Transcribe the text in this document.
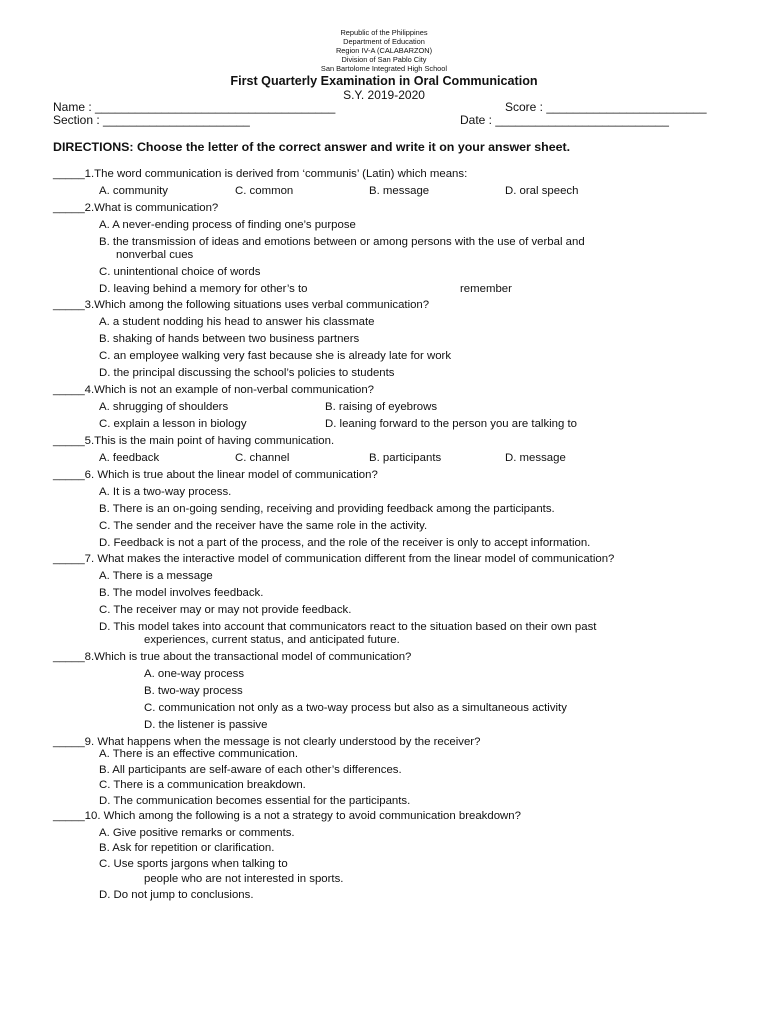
Republic of the Philippines
Department of Education
Region IV-A (CALABARZON)
Division of San Pablo City
San Bartolome Integrated High School
First Quarterly Examination in Oral Communication
S.Y. 2019-2020
Name : ____________________________________	Score : ________________________
Section : ______________________	Date : __________________________
DIRECTIONS: Choose the letter of the correct answer and write it on your answer sheet.
_____1.The word communication is derived from ‘communis’ (Latin) which means:
A. community	C. common	B. message	D. oral speech
_____2.What is communication?
A. A never-ending process of finding one’s purpose
B. the transmission of ideas and emotions between or among persons with the use of verbal and
nonverbal cues
C. unintentional choice of words
D. leaving behind a memory for other’s to	remember
_____3.Which among the following situations uses verbal communication?
A. a student nodding his head to answer his classmate
B. shaking of hands between two business partners
C. an employee walking very fast because she is already late for work
D. the principal discussing the school’s policies to students
_____4.Which is not an example of non-verbal communication?
A. shrugging of shoulders	B. raising of eyebrows
C. explain a lesson in biology	D. leaning forward to the person you are talking to
_____5.This is the main point of having communication.
A. feedback	C. channel	B. participants	D. message
_____6. Which is true about the linear model of communication?
A. It is a two-way process.
B. There is an on-going sending, receiving and providing feedback among the participants.
C. The sender and the receiver have the same role in the activity.
D. Feedback is not a part of the process, and the role of the receiver is only to accept information.
_____7. What makes the interactive model of communication different from the linear model of communication?
A. There is a message
B. The model involves feedback.
C. The receiver may or may not provide feedback.
D. This model takes into account that communicators react to the situation based on their own past
experiences, current status, and anticipated future.
_____8.Which is true about the transactional model of communication?
A. one-way process
B. two-way process
C. communication not only as a two-way process but also as a simultaneous activity
D. the listener is passive
_____9. What happens when the message is not clearly understood by the receiver?
A. There is an effective communication.
B. All participants are self-aware of each other’s differences.
C. There is a communication breakdown.
D. The communication becomes essential for the participants.
_____10. Which among the following is a not a strategy to avoid communication breakdown?
A. Give positive remarks or comments.
B. Ask for repetition or clarification.
C. Use sports jargons when talking to
people who are not interested in sports.
D. Do not jump to conclusions.
